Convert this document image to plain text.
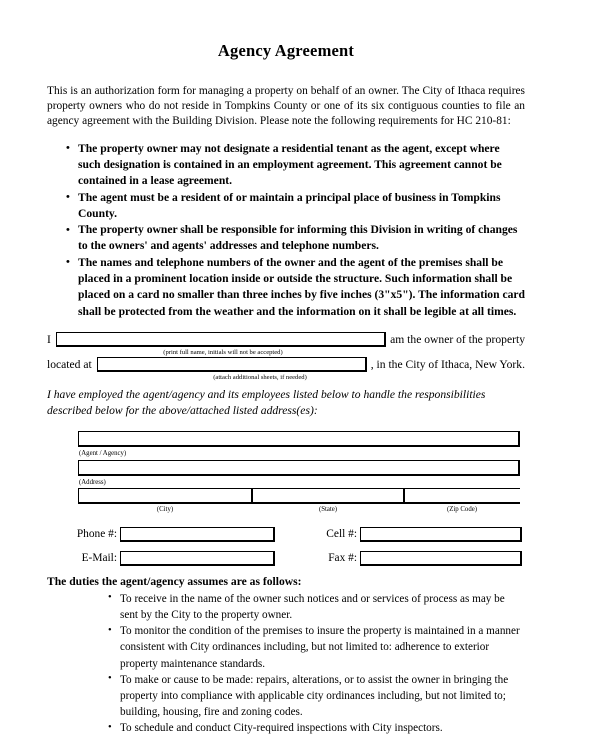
Agency Agreement

This is an authorization form for managing a property on behalf of an owner. The City of Ithaca requires property owners who do not reside in Tompkins County or one of its six contiguous counties to file an agency agreement with the Building Division. Please note the following requirements for HC 210-81:

• The property owner may not designate a residential tenant as the agent, except where such designation is contained in an employment agreement. This agreement cannot be contained in a lease agreement.
• The agent must be a resident of or maintain a principal place of business in Tompkins County.
• The property owner shall be responsible for informing this Division in writing of changes to the owners' and agents' addresses and telephone numbers.
• The names and telephone numbers of the owner and the agent of the premises shall be placed in a prominent location inside or outside the structure. Such information shall be placed on a card no smaller than three inches by five inches (3"x5"). The information card shall be protected from the weather and the information on it shall be legible at all times.
I	am the owner of the property
(print full name, initials will not be accepted)
located at	, in the City of Ithaca, New York.
(attach additional sheets, if needed)

I have employed the agent/agency and its employees listed below to handle the responsibilities described below for the above/attached listed address(es):

(Agent / Agency)
(Address)
(City)	(State)	(Zip Code)
Phone #:	Cell #:
E-Mail:	Fax #:
The duties the agent/agency assumes are as follows:
• To receive in the name of the owner such notices and or services of process as may be sent by the City to the property owner.
• To monitor the condition of the premises to insure the property is maintained in a manner consistent with City ordinances including, but not limited to: adherence to exterior property maintenance standards.
• To make or cause to be made: repairs, alterations, or to assist the owner in bringing the property into compliance with applicable city ordinances including, but not limited to; building, housing, fire and zoning codes.
• To schedule and conduct City-required inspections with City inspectors.
